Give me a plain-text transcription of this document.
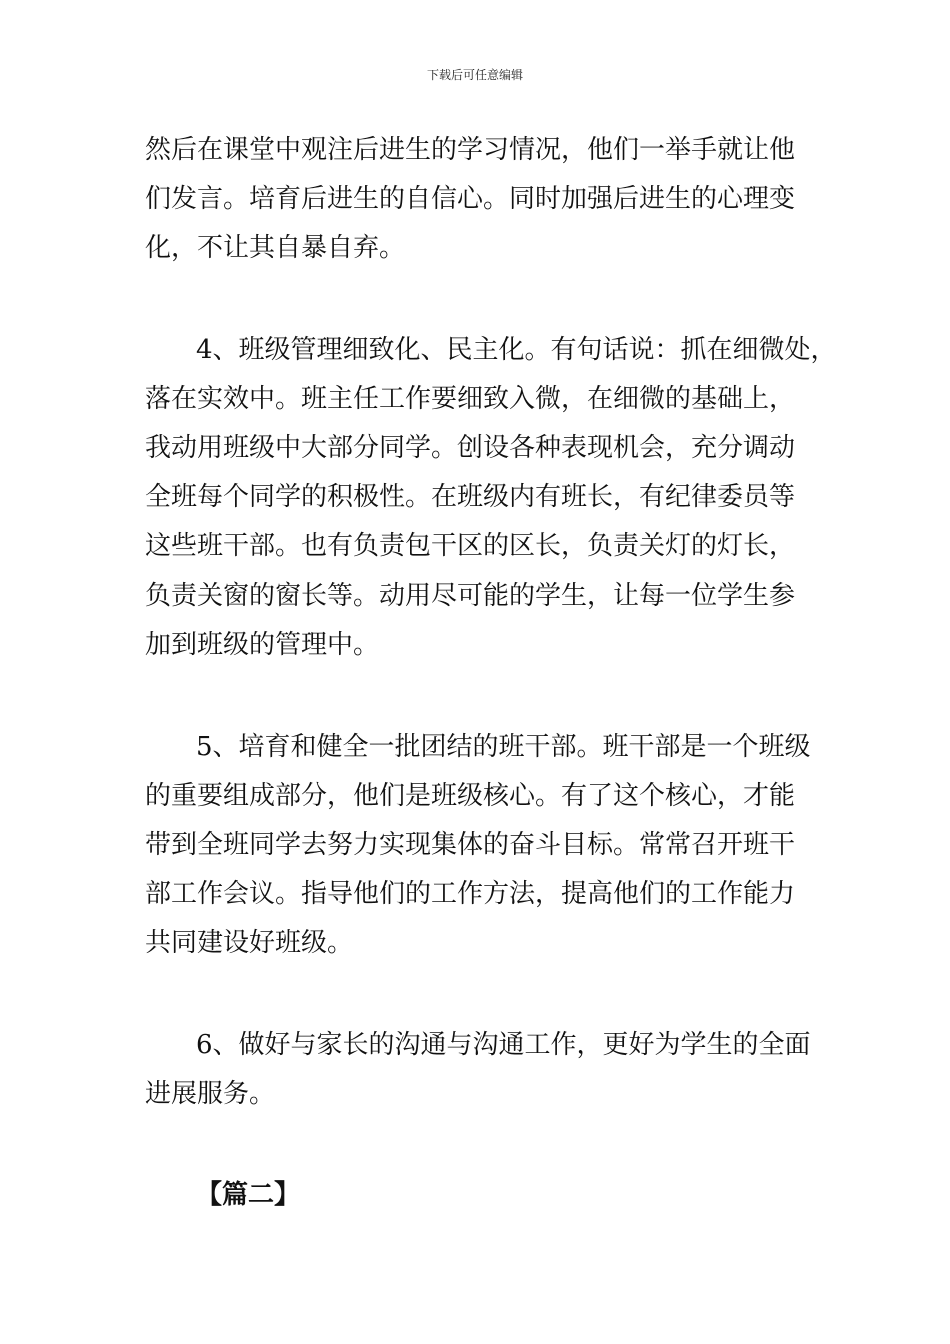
下载后可任意编辑
然后在课堂中观注后进生的学习情况，他们一举手就让他
们发言。培育后进生的自信心。同时加强后进生的心理变
化，不让其自暴自弃。
4、班级管理细致化、民主化。有句话说：抓在细微处，
落在实效中。班主任工作要细致入微，在细微的基础上，
我动用班级中大部分同学。创设各种表现机会，充分调动
全班每个同学的积极性。在班级内有班长，有纪律委员等
这些班干部。也有负责包干区的区长，负责关灯的灯长，
负责关窗的窗长等。动用尽可能的学生，让每一位学生参
加到班级的管理中。
5、培育和健全一批团结的班干部。班干部是一个班级
的重要组成部分，他们是班级核心。有了这个核心，才能
带到全班同学去努力实现集体的奋斗目标。常常召开班干
部工作会议。指导他们的工作方法，提高他们的工作能力
共同建设好班级。
6、做好与家长的沟通与沟通工作，更好为学生的全面
进展服务。
【篇二】
